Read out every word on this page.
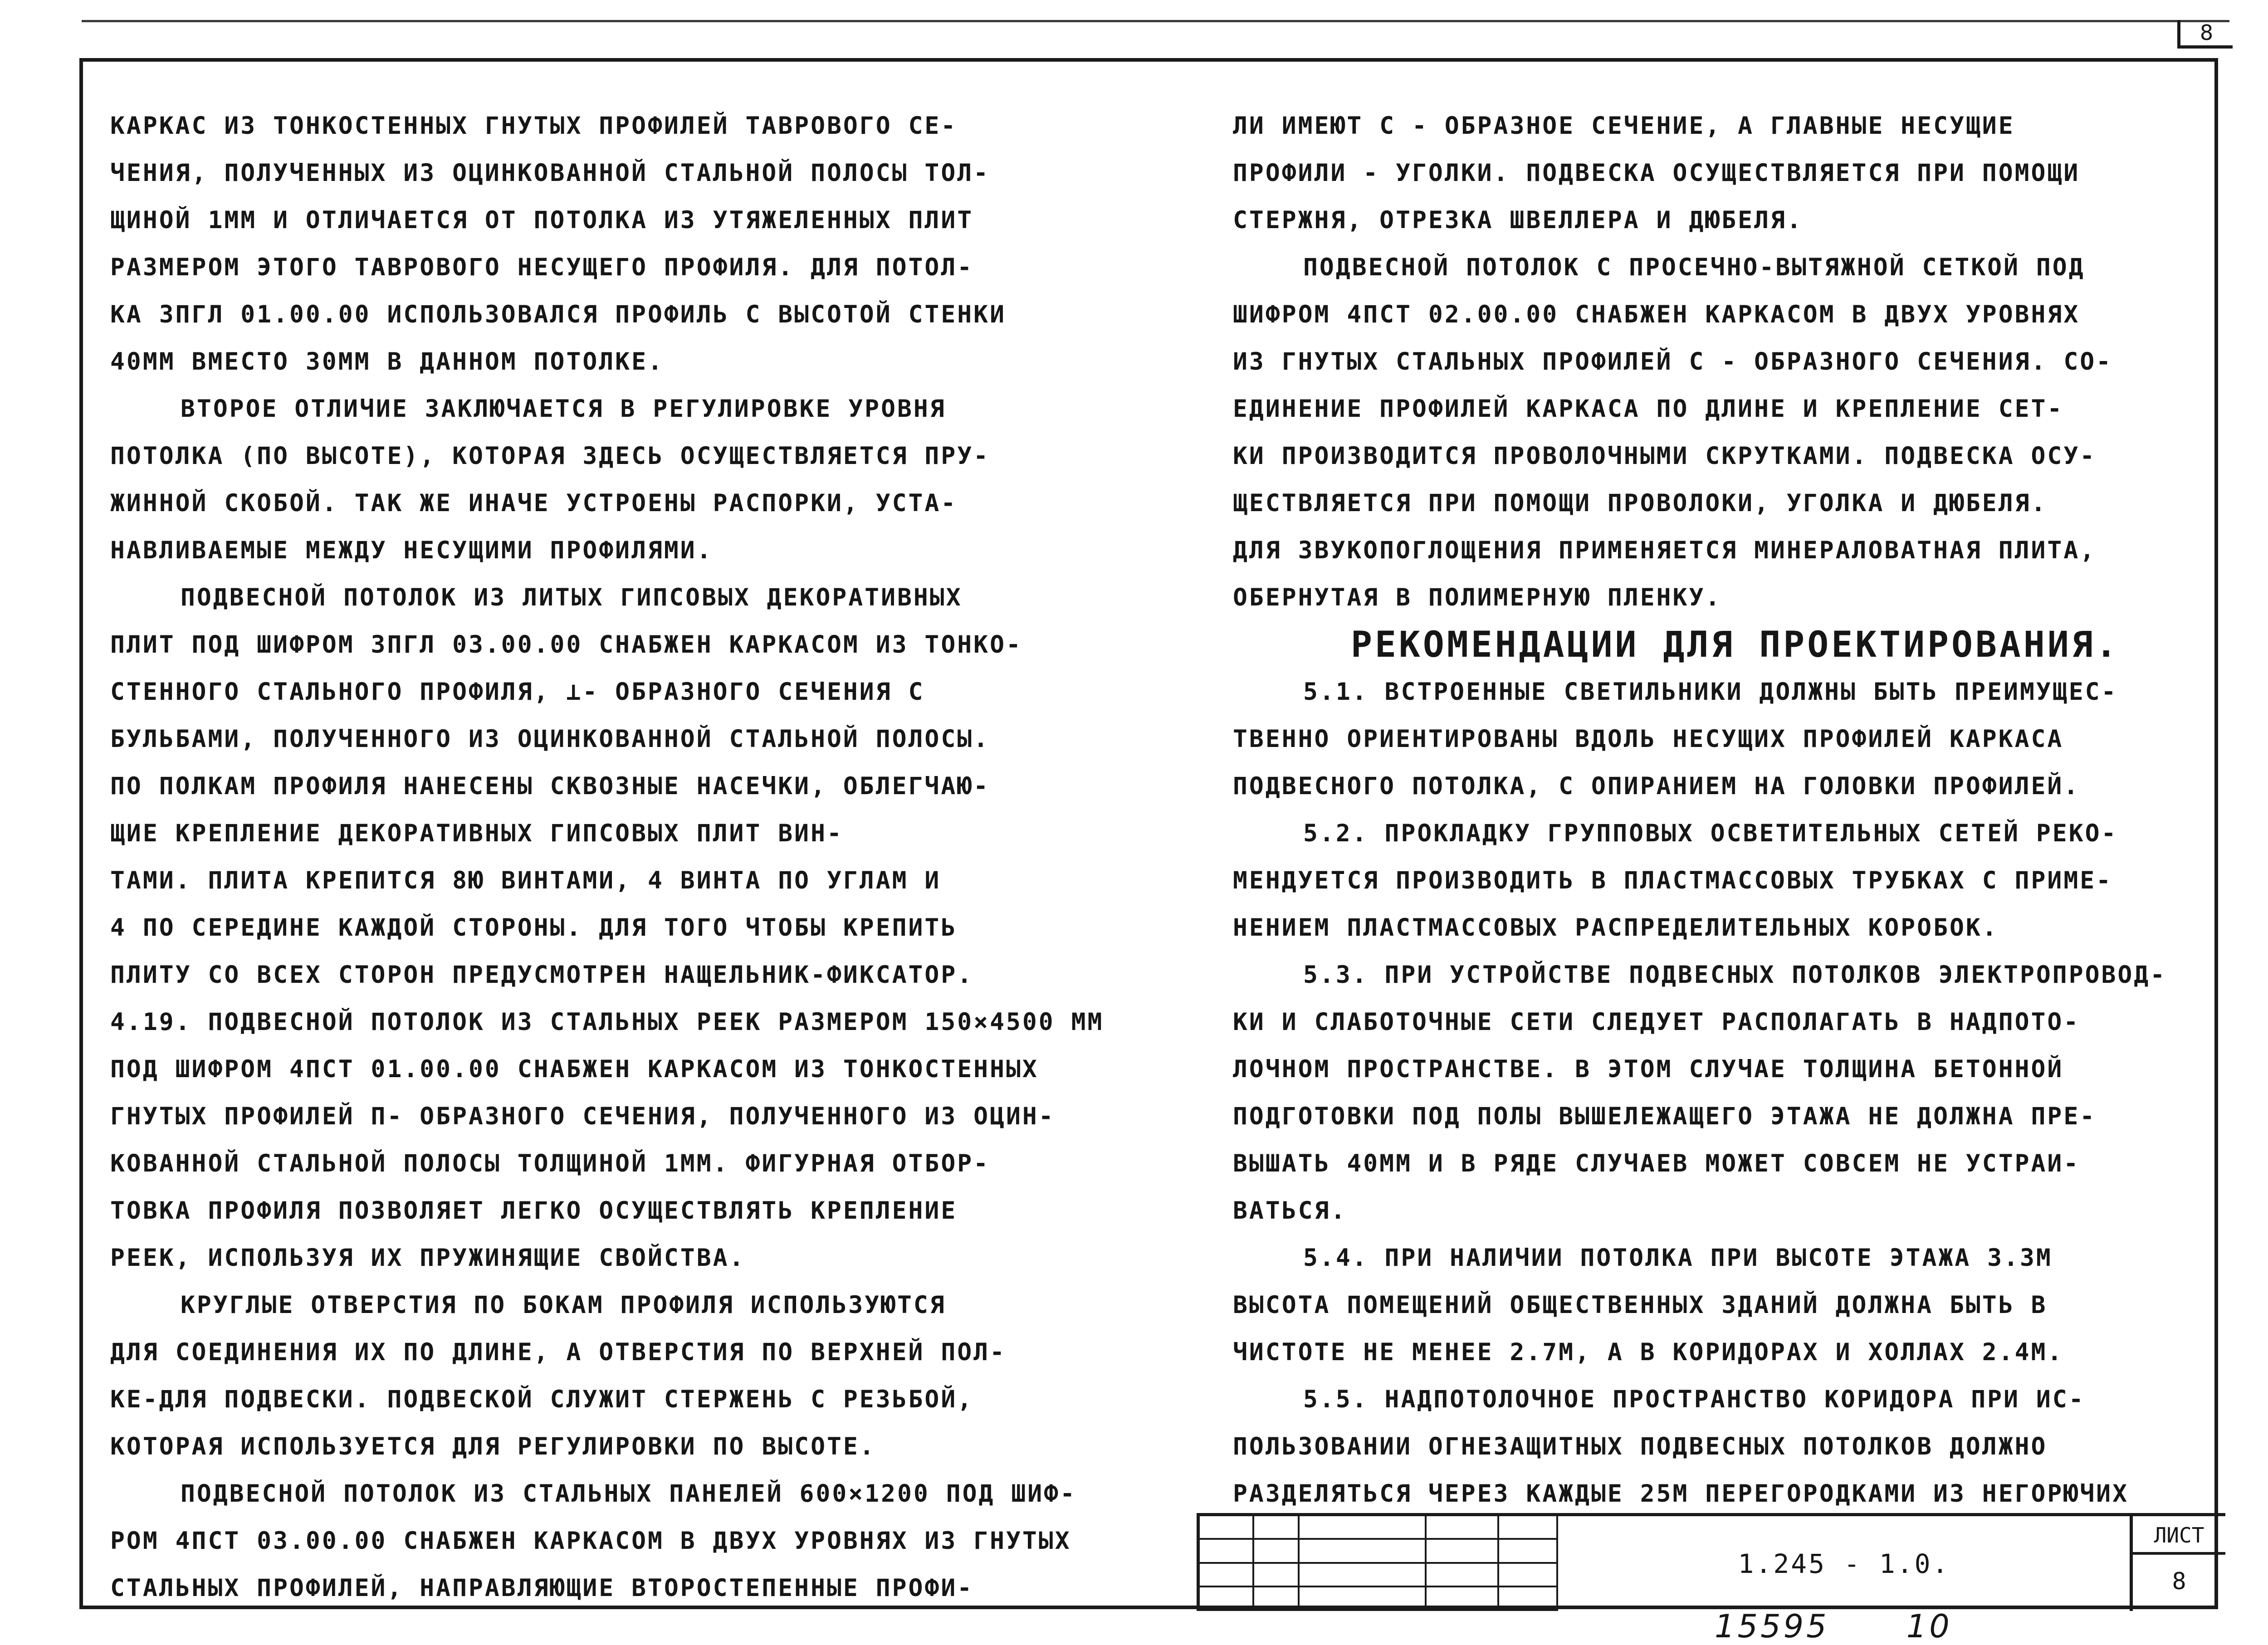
8
КАРКАС ИЗ ТОНКОСТЕННЫХ ГНУТЫХ ПРОФИЛЕЙ ТАВРОВОГО СЕ-
ЧЕНИЯ, ПОЛУЧЕННЫХ ИЗ ОЦИНКОВАННОЙ СТАЛЬНОЙ ПОЛОСЫ ТОЛ-
ЩИНОЙ 1ММ И ОТЛИЧАЕТСЯ ОТ ПОТОЛКА ИЗ УТЯЖЕЛЕННЫХ ПЛИТ
РАЗМЕРОМ ЭТОГО ТАВРОВОГО НЕСУЩЕГО ПРОФИЛЯ. ДЛЯ ПОТОЛ-
КА 3ПГЛ 01.00.00 ИСПОЛЬЗОВАЛСЯ ПРОФИЛЬ С ВЫСОТОЙ СТЕНКИ
40ММ ВМЕСТО 30ММ В ДАННОМ ПОТОЛКЕ.
ВТОРОЕ ОТЛИЧИЕ ЗАКЛЮЧАЕТСЯ В РЕГУЛИРОВКЕ УРОВНЯ
ПОТОЛКА (ПО ВЫСОТЕ), КОТОРАЯ ЗДЕСЬ ОСУЩЕСТВЛЯЕТСЯ ПРУ-
ЖИННОЙ СКОБОЙ. ТАК ЖЕ ИНАЧЕ УСТРОЕНЫ РАСПОРКИ, УСТА-
НАВЛИВАЕМЫЕ МЕЖДУ НЕСУЩИМИ ПРОФИЛЯМИ.
ПОДВЕСНОЙ ПОТОЛОК ИЗ ЛИТЫХ ГИПСОВЫХ ДЕКОРАТИВНЫХ
ПЛИТ ПОД ШИФРОМ 3ПГЛ 03.00.00 СНАБЖЕН КАРКАСОМ ИЗ ТОНКО-
СТЕННОГО СТАЛЬНОГО ПРОФИЛЯ, ⊥- ОБРАЗНОГО СЕЧЕНИЯ С
БУЛЬБАМИ, ПОЛУЧЕННОГО ИЗ ОЦИНКОВАННОЙ СТАЛЬНОЙ ПОЛОСЫ.
ПО ПОЛКАМ ПРОФИЛЯ НАНЕСЕНЫ СКВОЗНЫЕ НАСЕЧКИ, ОБЛЕГЧАЮ-
ЩИЕ КРЕПЛЕНИЕ ДЕКОРАТИВНЫХ ГИПСОВЫХ ПЛИТ ВИН-
ТАМИ. ПЛИТА КРЕПИТСЯ 8Ю ВИНТАМИ, 4 ВИНТА ПО УГЛАМ И
4 ПО СЕРЕДИНЕ КАЖДОЙ СТОРОНЫ. ДЛЯ ТОГО ЧТОБЫ КРЕПИТЬ
ПЛИТУ СО ВСЕХ СТОРОН ПРЕДУСМОТРЕН НАЩЕЛЬНИК-ФИКСАТОР.
4.19. ПОДВЕСНОЙ ПОТОЛОК ИЗ СТАЛЬНЫХ РЕЕК РАЗМЕРОМ 150×4500 ММ
ПОД ШИФРОМ 4ПСТ 01.00.00 СНАБЖЕН КАРКАСОМ ИЗ ТОНКОСТЕННЫХ
ГНУТЫХ ПРОФИЛЕЙ П- ОБРАЗНОГО СЕЧЕНИЯ, ПОЛУЧЕННОГО ИЗ ОЦИН-
КОВАННОЙ СТАЛЬНОЙ ПОЛОСЫ ТОЛЩИНОЙ 1ММ. ФИГУРНАЯ ОТБОР-
ТОВКА ПРОФИЛЯ ПОЗВОЛЯЕТ ЛЕГКО ОСУЩЕСТВЛЯТЬ КРЕПЛЕНИЕ
РЕЕК, ИСПОЛЬЗУЯ ИХ ПРУЖИНЯЩИЕ СВОЙСТВА.
КРУГЛЫЕ ОТВЕРСТИЯ ПО БОКАМ ПРОФИЛЯ ИСПОЛЬЗУЮТСЯ
ДЛЯ СОЕДИНЕНИЯ ИХ ПО ДЛИНЕ, А ОТВЕРСТИЯ ПО ВЕРХНЕЙ ПОЛ-
КЕ-ДЛЯ ПОДВЕСКИ. ПОДВЕСКОЙ СЛУЖИТ СТЕРЖЕНЬ С РЕЗЬБОЙ,
КОТОРАЯ ИСПОЛЬЗУЕТСЯ ДЛЯ РЕГУЛИРОВКИ ПО ВЫСОТЕ.
ПОДВЕСНОЙ ПОТОЛОК ИЗ СТАЛЬНЫХ ПАНЕЛЕЙ 600×1200 ПОД ШИФ-
РОМ 4ПСТ 03.00.00 СНАБЖЕН КАРКАСОМ В ДВУХ УРОВНЯХ ИЗ ГНУТЫХ
СТАЛЬНЫХ ПРОФИЛЕЙ, НАПРАВЛЯЮЩИЕ ВТОРОСТЕПЕННЫЕ ПРОФИ-
ЛИ ИМЕЮТ С - ОБРАЗНОЕ СЕЧЕНИЕ, А ГЛАВНЫЕ НЕСУЩИЕ
ПРОФИЛИ - УГОЛКИ. ПОДВЕСКА ОСУЩЕСТВЛЯЕТСЯ ПРИ ПОМОЩИ
СТЕРЖНЯ, ОТРЕЗКА ШВЕЛЛЕРА И ДЮБЕЛЯ.
ПОДВЕСНОЙ ПОТОЛОК С ПРОСЕЧНО-ВЫТЯЖНОЙ СЕТКОЙ ПОД
ШИФРОМ 4ПСТ 02.00.00 СНАБЖЕН КАРКАСОМ В ДВУХ УРОВНЯХ
ИЗ ГНУТЫХ СТАЛЬНЫХ ПРОФИЛЕЙ С - ОБРАЗНОГО СЕЧЕНИЯ. СО-
ЕДИНЕНИЕ ПРОФИЛЕЙ КАРКАСА ПО ДЛИНЕ И КРЕПЛЕНИЕ СЕТ-
КИ ПРОИЗВОДИТСЯ ПРОВОЛОЧНЫМИ СКРУТКАМИ. ПОДВЕСКА ОСУ-
ЩЕСТВЛЯЕТСЯ ПРИ ПОМОЩИ ПРОВОЛОКИ, УГОЛКА И ДЮБЕЛЯ.
ДЛЯ ЗВУКОПОГЛОЩЕНИЯ ПРИМЕНЯЕТСЯ МИНЕРАЛОВАТНАЯ ПЛИТА,
ОБЕРНУТАЯ В ПОЛИМЕРНУЮ ПЛЕНКУ.
РЕКОМЕНДАЦИИ ДЛЯ ПРОЕКТИРОВАНИЯ.
5.1. ВСТРОЕННЫЕ СВЕТИЛЬНИКИ ДОЛЖНЫ БЫТЬ ПРЕИМУЩЕС-
ТВЕННО ОРИЕНТИРОВАНЫ ВДОЛЬ НЕСУЩИХ ПРОФИЛЕЙ КАРКАСА
ПОДВЕСНОГО ПОТОЛКА, С ОПИРАНИЕМ НА ГОЛОВКИ ПРОФИЛЕЙ.
5.2. ПРОКЛАДКУ ГРУППОВЫХ ОСВЕТИТЕЛЬНЫХ СЕТЕЙ РЕКО-
МЕНДУЕТСЯ ПРОИЗВОДИТЬ В ПЛАСТМАССОВЫХ ТРУБКАХ С ПРИМЕ-
НЕНИЕМ ПЛАСТМАССОВЫХ РАСПРЕДЕЛИТЕЛЬНЫХ КОРОБОК.
5.3. ПРИ УСТРОЙСТВЕ ПОДВЕСНЫХ ПОТОЛКОВ ЭЛЕКТРОПРОВОД-
КИ И СЛАБОТОЧНЫЕ СЕТИ СЛЕДУЕТ РАСПОЛАГАТЬ В НАДПОТО-
ЛОЧНОМ ПРОСТРАНСТВЕ. В ЭТОМ СЛУЧАЕ ТОЛЩИНА БЕТОННОЙ
ПОДГОТОВКИ ПОД ПОЛЫ ВЫШЕЛЕЖАЩЕГО ЭТАЖА НЕ ДОЛЖНА ПРЕ-
ВЫШАТЬ 40ММ И В РЯДЕ СЛУЧАЕВ МОЖЕТ СОВСЕМ НЕ УСТРАИ-
ВАТЬСЯ.
5.4. ПРИ НАЛИЧИИ ПОТОЛКА ПРИ ВЫСОТЕ ЭТАЖА 3.3М
ВЫСОТА ПОМЕЩЕНИЙ ОБЩЕСТВЕННЫХ ЗДАНИЙ ДОЛЖНА БЫТЬ В
ЧИСТОТЕ НЕ МЕНЕЕ 2.7М, А В КОРИДОРАХ И ХОЛЛАХ 2.4М.
5.5. НАДПОТОЛОЧНОЕ ПРОСТРАНСТВО КОРИДОРА ПРИ ИС-
ПОЛЬЗОВАНИИ ОГНЕЗАЩИТНЫХ ПОДВЕСНЫХ ПОТОЛКОВ ДОЛЖНО
РАЗДЕЛЯТЬСЯ ЧЕРЕЗ КАЖДЫЕ 25М ПЕРЕГОРОДКАМИ ИЗ НЕГОРЮЧИХ
1.245 - 1.0.
ЛИСТ
8
15595 10
